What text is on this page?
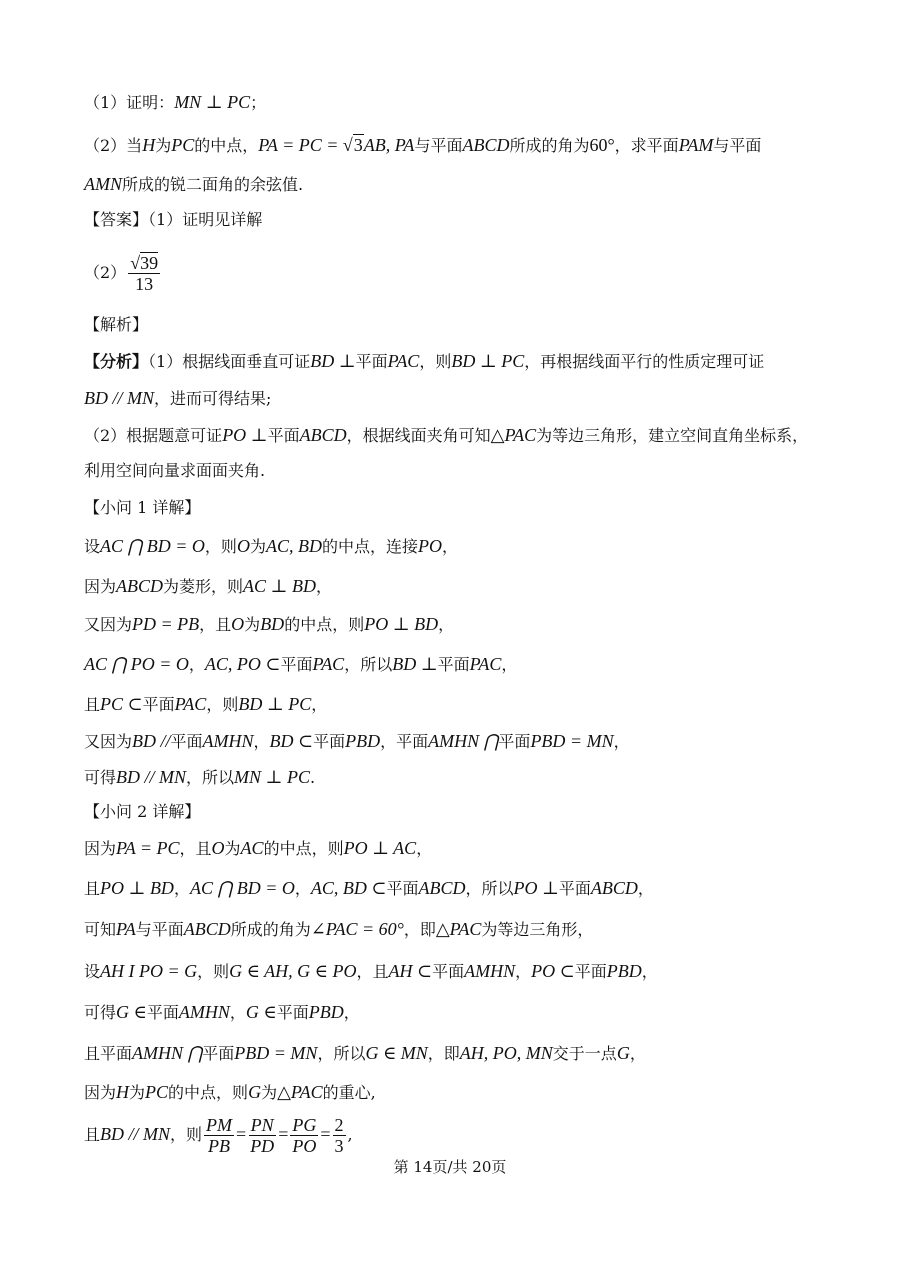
（1）证明：MN ⊥ PC；
（2）当H为PC的中点，PA = PC = √3AB, PA与平面ABCD所成的角为60°，求平面PAM与平面
AMN所成的锐二面角的余弦值.
【答案】（1）证明见详解
$(2) \frac{√39}{13}$
【解析】
【分析】（1）根据线面垂直可证BD ⊥平面PAC，则BD ⊥ PC，再根据线面平行的性质定理可证
BD // MN，进而可得结果;
（2）根据题意可证PO ⊥平面ABCD，根据线面夹角可知△PAC为等边三角形，建立空间直角坐标系，
利用空间向量求面面夹角.
【小问 1 详解】
设AC ⋂ BD = O，则O为AC, BD的中点，连接PO，
因为ABCD为菱形，则AC ⊥ BD，
又因为PD = PB，且O为BD的中点，则PO ⊥ BD，
AC ⋂ PO = O，AC, PO ⊂平面PAC，所以BD ⊥平面PAC，
且PC ⊂平面PAC，则BD ⊥ PC，
又因为BD //平面AMHN，BD ⊂平面PBD，平面AMHN ⋂平面PBD = MN，
可得BD // MN，所以MN ⊥ PC.
【小问 2 详解】
因为PA = PC，且O为AC的中点，则PO ⊥ AC，
且PO ⊥ BD，AC ⋂ BD = O，AC, BD ⊂平面ABCD，所以PO ⊥平面ABCD，
可知PA与平面ABCD所成的角为∠PAC = 60°，即△PAC为等边三角形，
设AH I PO = G，则G ∈ AH, G ∈ PO，且AH ⊂平面AMHN，PO ⊂平面PBD，
可得G ∈平面AMHN，G ∈平面PBD，
且平面AMHN ⋂平面PBD = MN，所以G ∈ MN，即AH, PO, MN交于一点G，
因为H为PC的中点，则G为△PAC的重心,
且BD // MN，则 $\frac{PM}{PB} = \frac{PN}{PD} = \frac{PG}{PO} = \frac{2}{3}$ ,
第 14页/共 20页
